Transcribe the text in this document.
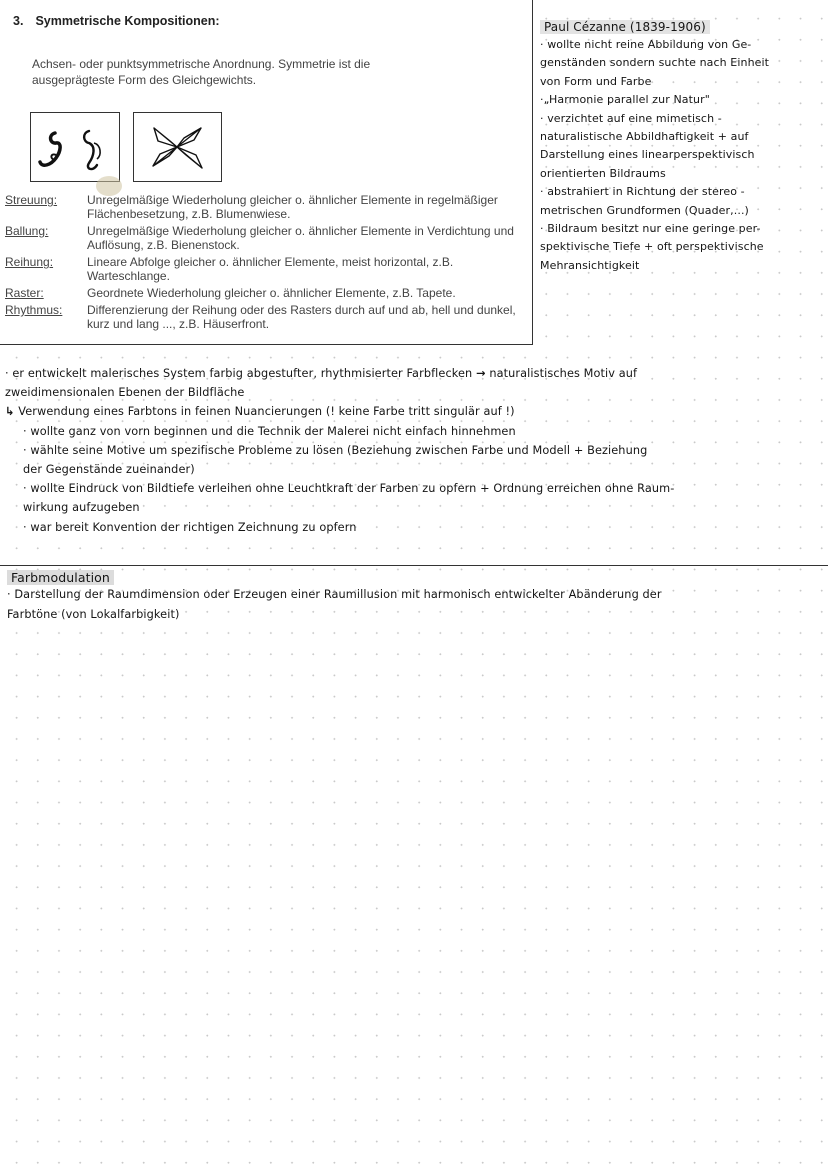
3. Symmetrische Kompositionen:
Achsen- oder punktsymmetrische Anordnung. Symmetrie ist die ausgeprägteste Form des Gleichgewichts.
Streuung:	Unregelmäßige Wiederholung gleicher o. ähnlicher Elemente in regelmäßiger Flächenbesetzung, z.B. Blumenwiese.
Ballung:	Unregelmäßige Wiederholung gleicher o. ähnlicher Elemente in Verdichtung und Auflösung, z.B. Bienenstock.
Reihung:	Lineare Abfolge gleicher o. ähnlicher Elemente, meist horizontal, z.B. Warteschlange.
Raster:	Geordnete Wiederholung gleicher o. ähnlicher Elemente, z.B. Tapete.
Rhythmus:	Differenzierung der Reihung oder des Rasters durch auf und ab, hell und dunkel, kurz und lang ..., z.B. Häuserfront.
Paul Cézanne (1839-1906)
· wollte nicht reine Abbildung von Ge-
genständen sondern suchte nach Einheit
von Form und Farbe
·„Harmonie parallel zur Natur"
· verzichtet auf eine mimetisch -
naturalistische Abbildhaftigkeit + auf
Darstellung eines linearperspektivisch
orientierten Bildraums
· abstrahiert in Richtung der stereo -
metrischen Grundformen (Quader,...)
· Bildraum besitzt nur eine geringe per-
spektivische Tiefe + oft perspektivische
Mehransichtigkeit
· er entwickelt malerisches System farbig abgestufter, rhythmisierter Farbflecken → naturalistisches Motiv auf
zweidimensionalen Ebenen der Bildfläche
↳ Verwendung eines Farbtons in feinen Nuancierungen (! keine Farbe tritt singulär auf !)
· wollte ganz von vorn beginnen und die Technik der Malerei nicht einfach hinnehmen
· wählte seine Motive um spezifische Probleme zu lösen (Beziehung zwischen Farbe und Modell + Beziehung
der Gegenstände zueinander)
· wollte Eindruck von Bildtiefe verleihen ohne Leuchtkraft der Farben zu opfern + Ordnung erreichen ohne Raum-
wirkung aufzugeben
· war bereit Konvention der richtigen Zeichnung zu opfern
Farbmodulation
· Darstellung der Raumdimension oder Erzeugen einer Raumillusion mit harmonisch entwickelter Abänderung der
Farbtöne (von Lokalfarbigkeit)
